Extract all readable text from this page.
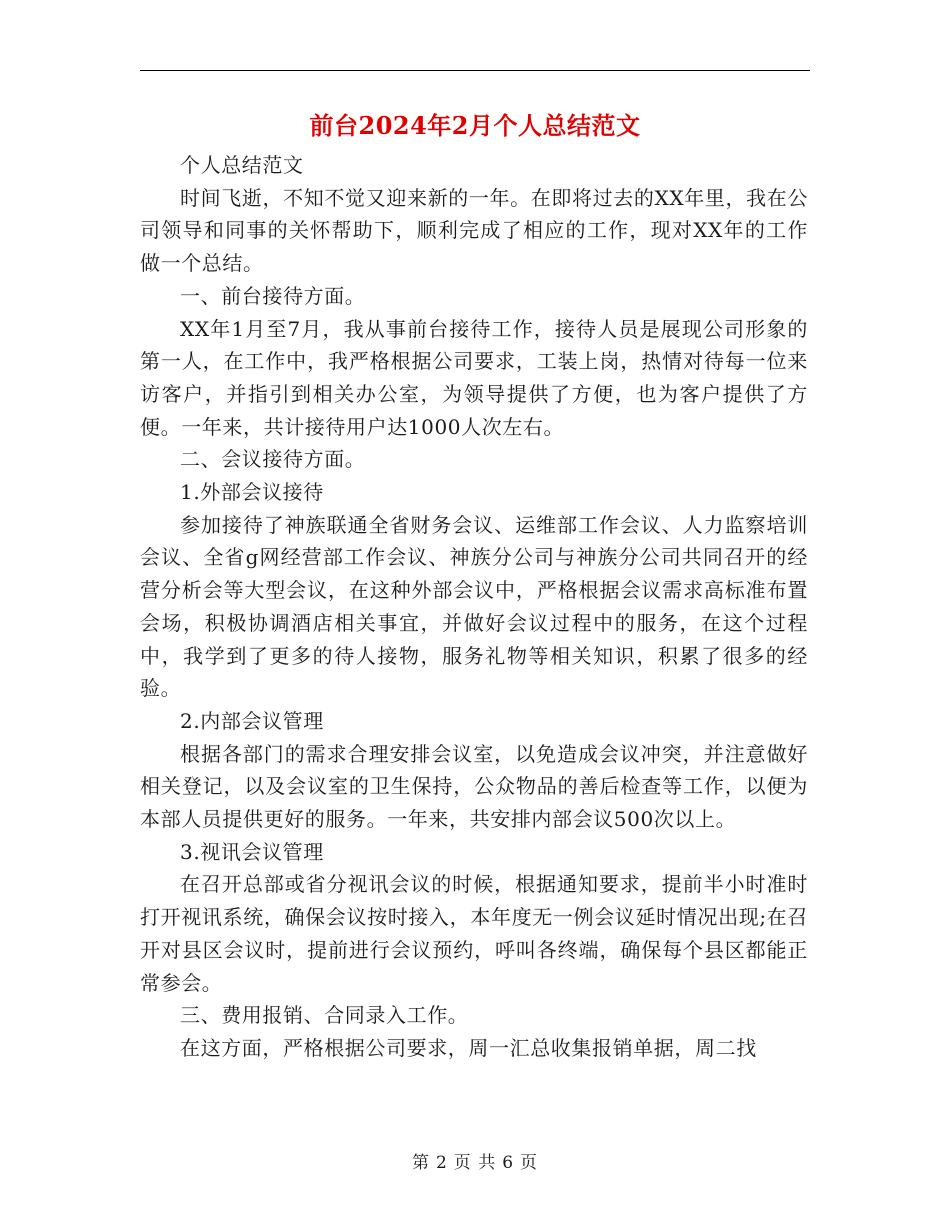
前台2024年2月个人总结范文

个人总结范文

时间飞逝，不知不觉又迎来新的一年。在即将过去的XX年里，我在公司领导和同事的关怀帮助下，顺利完成了相应的工作，现对XX年的工作做一个总结。

一、前台接待方面。

XX年1月至7月，我从事前台接待工作，接待人员是展现公司形象的第一人，在工作中，我严格根据公司要求，工装上岗，热情对待每一位来访客户，并指引到相关办公室，为领导提供了方便，也为客户提供了方便。一年来，共计接待用户达1000人次左右。

二、会议接待方面。

1.外部会议接待

参加接待了神族联通全省财务会议、运维部工作会议、人力监察培训会议、全省g网经营部工作会议、神族分公司与神族分公司共同召开的经营分析会等大型会议，在这种外部会议中，严格根据会议需求高标准布置会场，积极协调酒店相关事宜，并做好会议过程中的服务，在这个过程中，我学到了更多的待人接物，服务礼物等相关知识，积累了很多的经验。

2.内部会议管理

根据各部门的需求合理安排会议室，以免造成会议冲突，并注意做好相关登记，以及会议室的卫生保持，公众物品的善后检查等工作，以便为本部人员提供更好的服务。一年来，共安排内部会议500次以上。

3.视讯会议管理

在召开总部或省分视讯会议的时候，根据通知要求，提前半小时准时打开视讯系统，确保会议按时接入，本年度无一例会议延时情况出现;在召开对县区会议时，提前进行会议预约，呼叫各终端，确保每个县区都能正常参会。

三、费用报销、合同录入工作。

在这方面，严格根据公司要求，周一汇总收集报销单据，周二找

第 2 页 共 6 页
